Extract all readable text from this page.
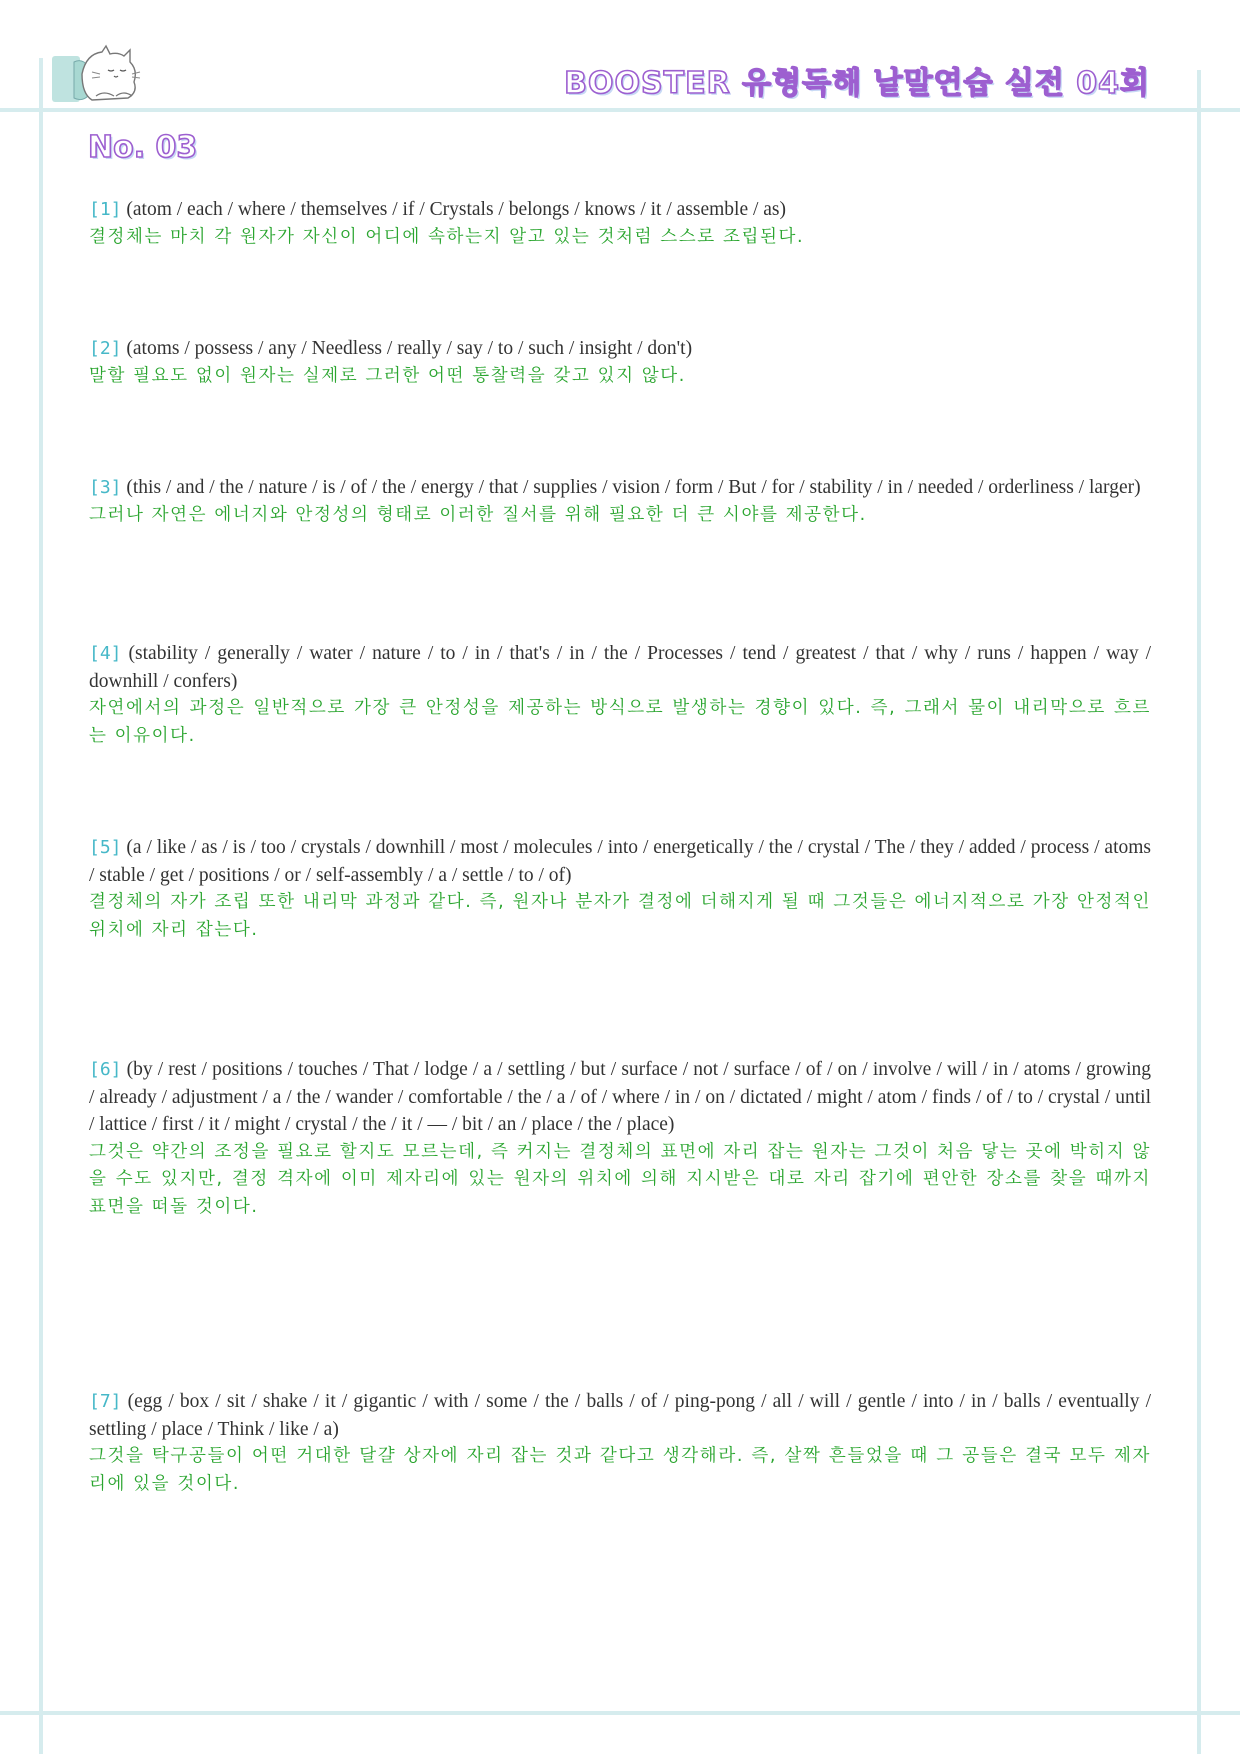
BOOSTER 유형독해 낱말연습 실전 04회
No. 03

[1] (atom / each / where / themselves / if / Crystals / belongs / knows / it / assemble / as)

결정체는 마치 각 원자가 자신이 어디에 속하는지 알고 있는 것처럼 스스로 조립된다.

[2] (atoms / possess / any / Needless / really / say / to / such / insight / don't)

말할 필요도 없이 원자는 실제로 그러한 어떤 통찰력을 갖고 있지 않다.

[3] (this / and / the / nature / is / of / the / energy / that / supplies / vision / form / But / for / stability / in / needed / orderliness / larger)

그러나 자연은 에너지와 안정성의 형태로 이러한 질서를 위해 필요한 더 큰 시야를 제공한다.

[4] (stability / generally / water / nature / to / in / that's / in / the / Processes / tend / greatest / that / why / runs / happen / way / downhill / confers)

자연에서의 과정은 일반적으로 가장 큰 안정성을 제공하는 방식으로 발생하는 경향이 있다. 즉, 그래서 물이 내리막으로 흐르는 이유이다.

[5] (a / like / as / is / too / crystals / downhill / most / molecules / into / energetically / the / crystal / The / they / added / process / atoms / stable / get / positions / or / self-assembly / a / settle / to / of)

결정체의 자가 조립 또한 내리막 과정과 같다. 즉, 원자나 분자가 결정에 더해지게 될 때 그것들은 에너지적으로 가장 안정적인 위치에 자리 잡는다.

[6] (by / rest / positions / touches / That / lodge / a / settling / but / surface / not / surface / of / on / involve / will / in / atoms / growing / already / adjustment / a / the / wander / comfortable / the / a / of / where / in / on / dictated / might / atom / finds / of / to / crystal / until / lattice / first / it / might / crystal / the / it / — / bit / an / place / the / place)

그것은 약간의 조정을 필요로 할지도 모르는데, 즉 커지는 결정체의 표면에 자리 잡는 원자는 그것이 처음 닿는 곳에 박히지 않을 수도 있지만, 결정 격자에 이미 제자리에 있는 원자의 위치에 의해 지시받은 대로 자리 잡기에 편안한 장소를 찾을 때까지 표면을 떠돌 것이다.

[7] (egg / box / sit / shake / it / gigantic / with / some / the / balls / of / ping-pong / all / will / gentle / into / in / balls / eventually / settling / place / Think / like / a)

그것을 탁구공들이 어떤 거대한 달걀 상자에 자리 잡는 것과 같다고 생각해라. 즉, 살짝 흔들었을 때 그 공들은 결국 모두 제자리에 있을 것이다.
